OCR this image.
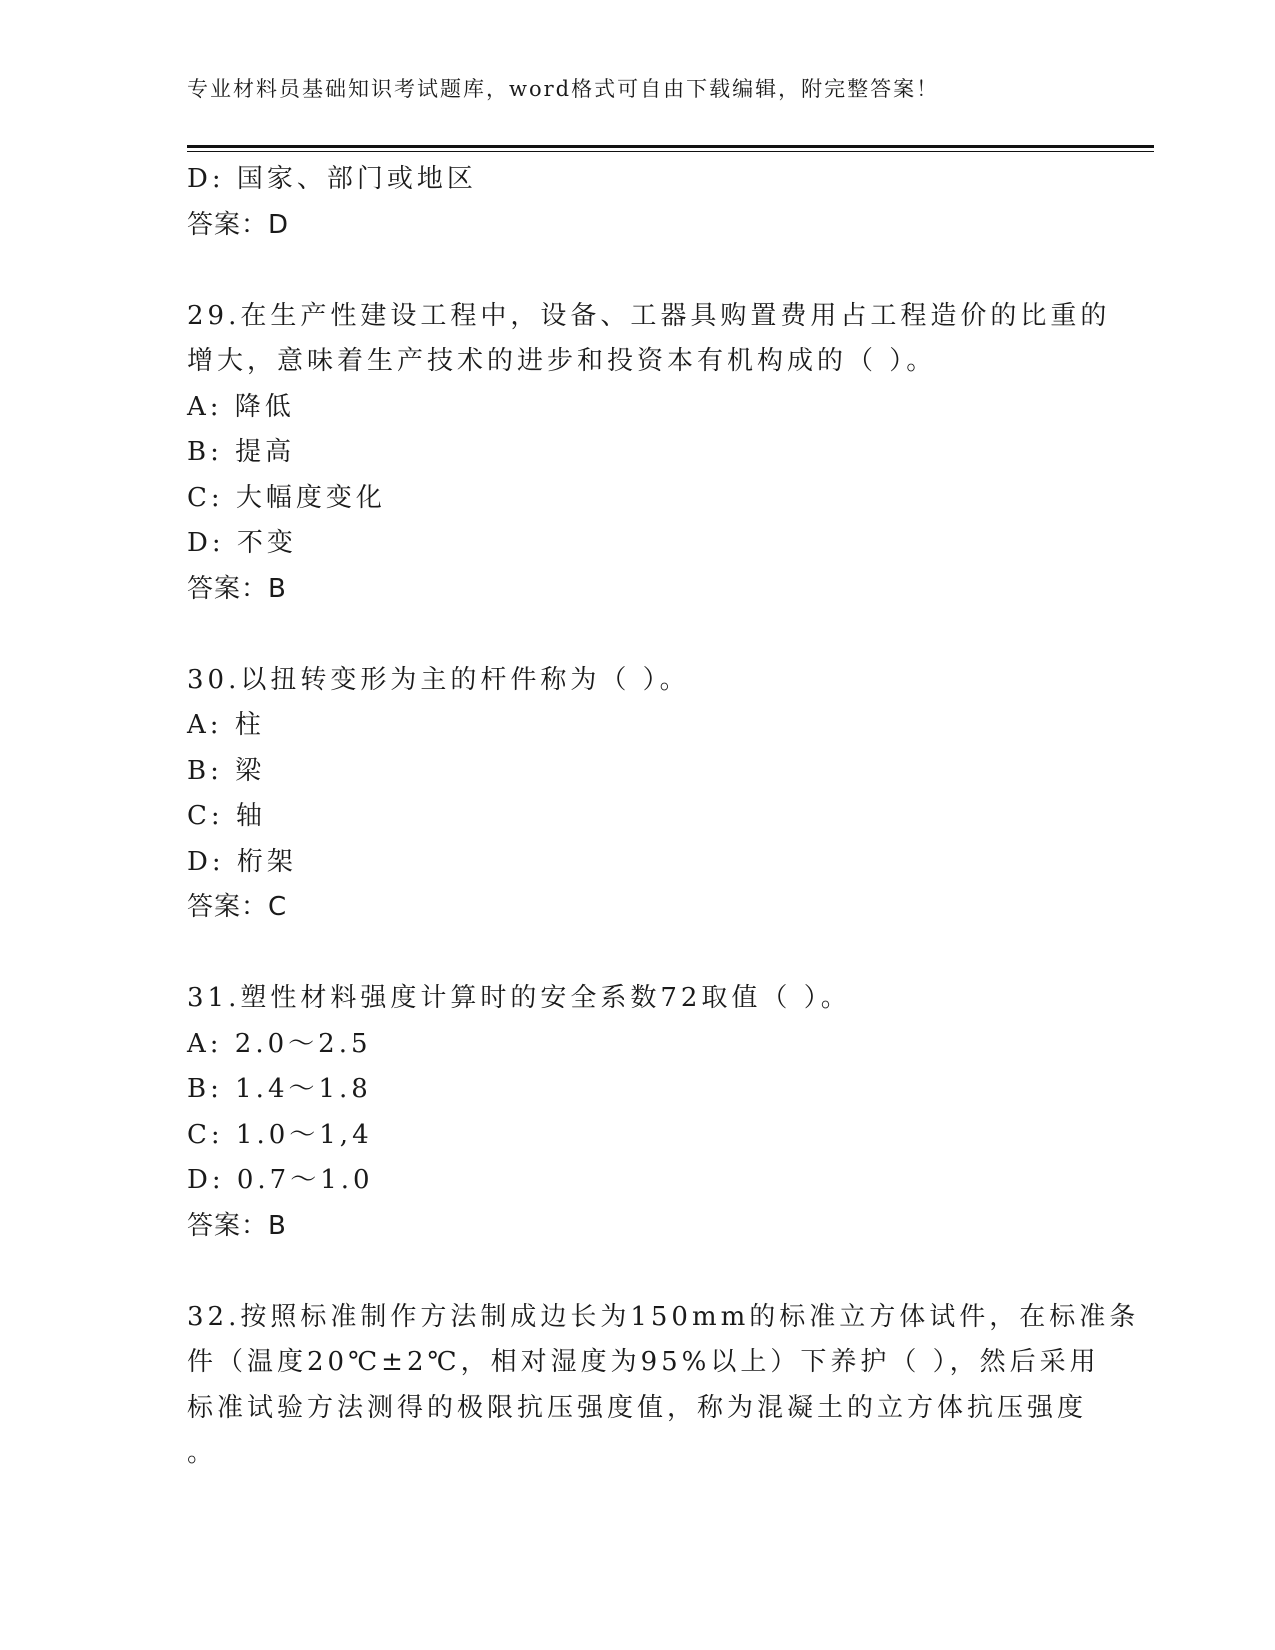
专业材料员基础知识考试题库，word格式可自由下载编辑，附完整答案！
D: 国家、部门或地区
答案：D
29.在生产性建设工程中，设备、工器具购置费用占工程造价的比重的
增大，意味着生产技术的进步和投资本有机构成的（ ）。
A: 降低
B: 提高
C: 大幅度变化
D: 不变
答案：B
30.以扭转变形为主的杆件称为（ ）。
A: 柱
B: 梁
C: 轴
D: 桁架
答案：C
31.塑性材料强度计算时的安全系数72取值（ ）。
A: 2.0～2.5
B: 1.4～1.8
C: 1.0～1,4
D: 0.7～1.0
答案：B
32.按照标准制作方法制成边长为150mm的标准立方体试件，在标准条
件（温度20℃±2℃，相对湿度为95%以上）下养护（ ），然后采用
标准试验方法测得的极限抗压强度值，称为混凝土的立方体抗压强度
。
